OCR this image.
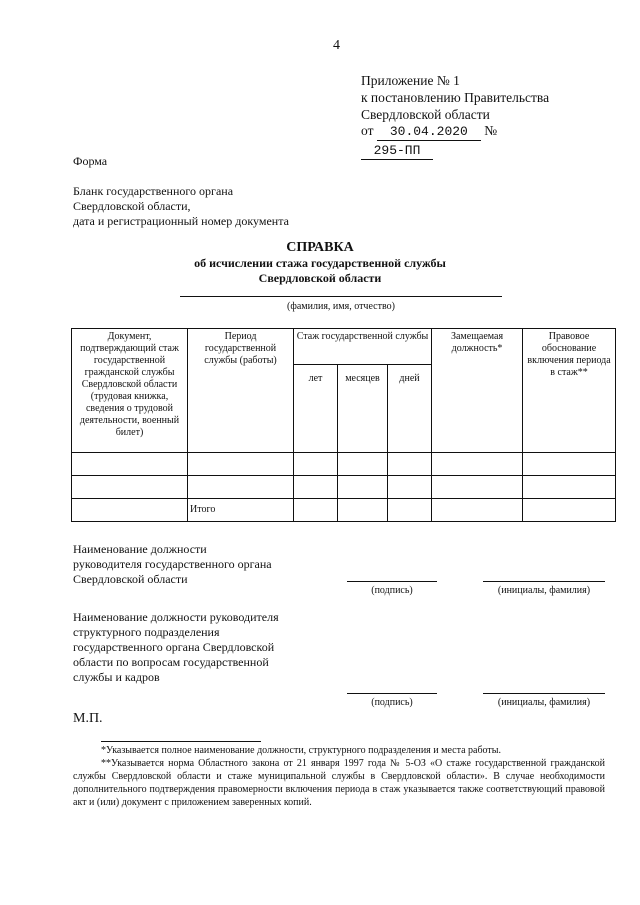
4
Приложение № 1
к постановлению Правительства
Свердловской области
от 30.04.2020 № 295-ПП
Форма
Бланк государственного органа
Свердловской области,
дата и регистрационный номер документа
СПРАВКА
об исчислении стажа государственной службы
Свердловской области
(фамилия, имя, отчество)
Документ, подтверждающий стаж государственной гражданской службы Свердловской области (трудовая книжка, сведения о трудовой деятельности, военный билет)	Период государственной службы (работы)	Стаж государственной службы			Замещаемая должность*	Правовое обоснование включения периода в стаж**
		лет	месяцев	дней		

	Итого					
Наименование должности руководителя государственного органа Свердловской области
(подпись)	(инициалы, фамилия)
Наименование должности руководителя структурного подразделения государственного органа Свердловской области по вопросам государственной службы и кадров
(подпись)	(инициалы, фамилия)
М.П.
*Указывается полное наименование должности, структурного подразделения и места работы.
**Указывается норма Областного закона от 21 января 1997 года № 5-ОЗ «О стаже государственной гражданской службы Свердловской области и стаже муниципальной службы в Свердловской области». В случае необходимости дополнительного подтверждения правомерности включения периода в стаж указывается также соответствующий правовой акт и (или) документ с приложением заверенных копий.
